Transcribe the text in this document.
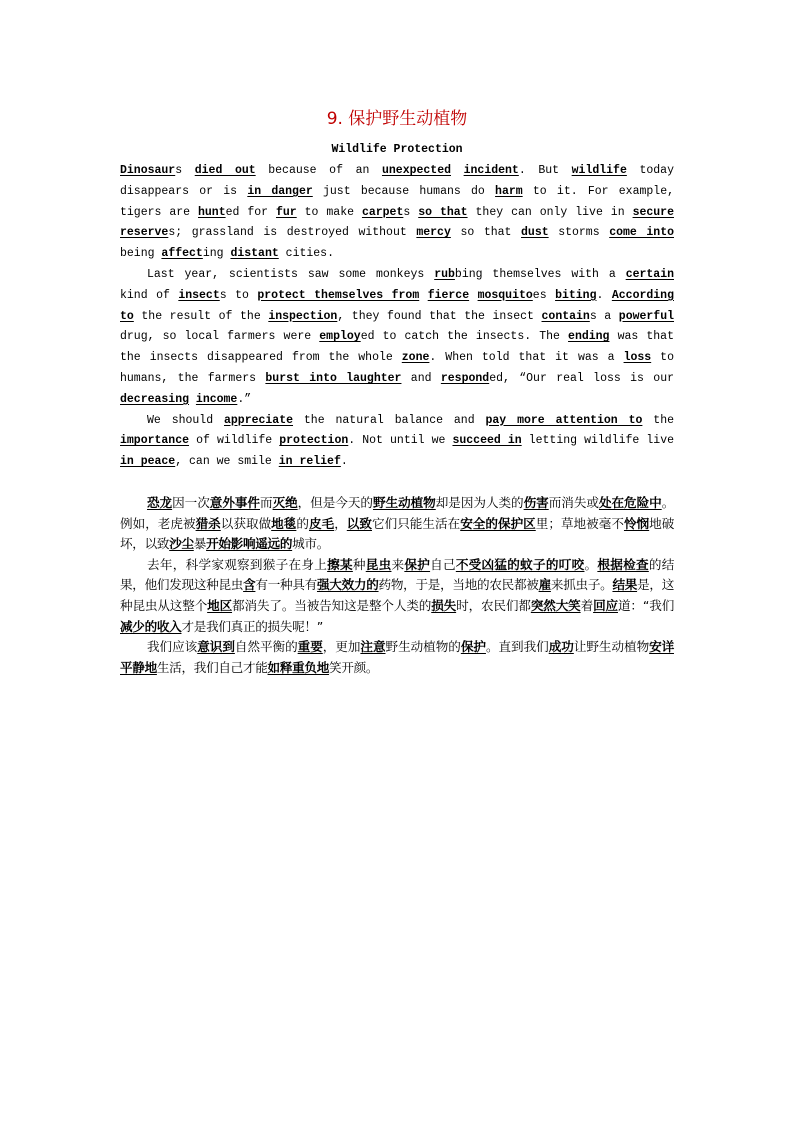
9. 保护野生动植物
Wildlife Protection

Dinosaurs died out because of an unexpected incident. But wildlife today disappears or is in danger just because humans do harm to it. For example, tigers are hunted for fur to make carpets so that they can only live in secure reserves; grassland is destroyed without mercy so that dust storms come into being affecting distant cities.

Last year, scientists saw some monkeys rubbing themselves with a certain kind of insects to protect themselves from fierce mosquitoes biting. According to the result of the inspection, they found that the insect contains a powerful drug, so local farmers were employed to catch the insects. The ending was that the insects disappeared from the whole zone. When told that it was a loss to humans, the farmers burst into laughter and responded, “Our real loss is our decreasing income.”

We should appreciate the natural balance and pay more attention to the importance of wildlife protection. Not until we succeed in letting wildlife live in peace, can we smile in relief.

恐龙因一次意外事件而灭绝，但是今天的野生动植物却是因为人类的伤害而消失或处在危险中。例如，老虎被猎杀以获取做地毯的皮毛，以致它们只能生活在安全的保护区里；草地被毫不怜悯地破坏，以致沙尘暴开始影响遥远的城市。

去年，科学家观察到猴子在身上擦某种昆虫来保护自己不受凶猛的蚊子的叮咬。根据检查的结果，他们发现这种昆虫含有一种具有强大效力的药物，于是，当地的农民都被雇来抓虫子。结果是，这种昆虫从这整个地区都消失了。当被告知这是整个人类的损失时，农民们都突然大笑着回应道：“我们减少的收入才是我们真正的损失呢！”

我们应该意识到自然平衡的重要，更加注意野生动植物的保护。直到我们成功让野生动植物安详平静地生活，我们自己才能如释重负地笑开颜。
